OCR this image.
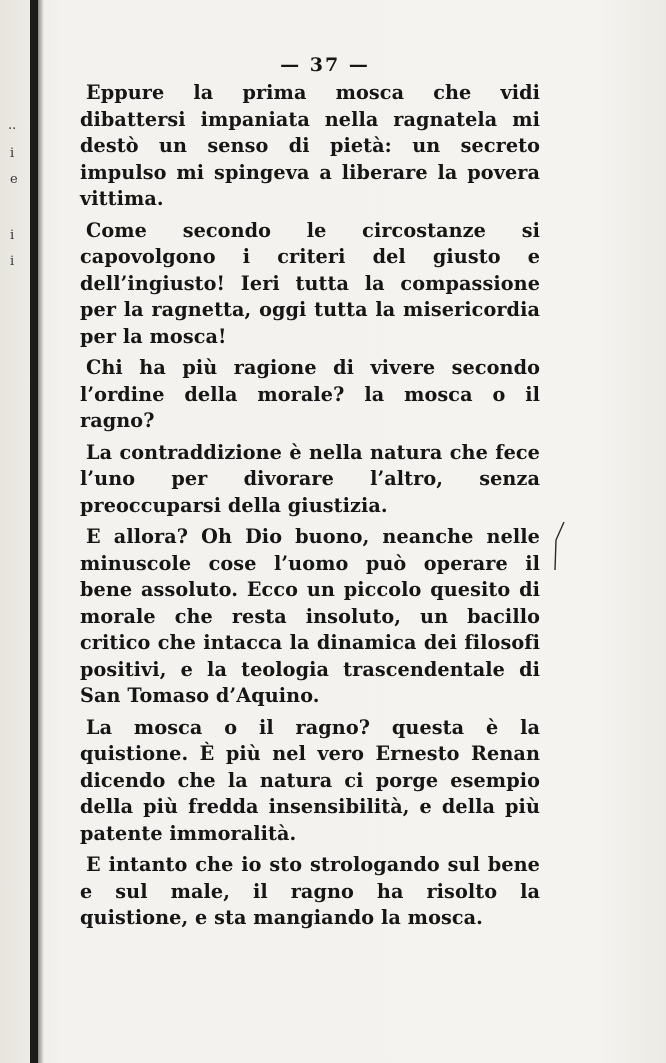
..
i
e
i
i
— 37 —

Eppure la prima mosca che vidi dibattersi impaniata nella ragnatela mi destò un senso di pietà: un secreto impulso mi spingeva a liberare la povera vittima.

Come secondo le circostanze si capovolgono i criteri del giusto e dell’ingiusto! Ieri tutta la compassione per la ragnetta, oggi tutta la misericordia per la mosca!

Chi ha più ragione di vivere secondo l’ordine della morale? la mosca o il ragno?

La contraddizione è nella natura che fece l’uno per divorare l’altro, senza preoccuparsi della giustizia.

E allora? Oh Dio buono, neanche nelle minuscole cose l’uomo può operare il bene assoluto. Ecco un piccolo quesito di morale che resta insoluto, un bacillo critico che intacca la dinamica dei filosofi positivi, e la teologia trascendentale di San Tomaso d’Aquino.

La mosca o il ragno? questa è la quistione. È più nel vero Ernesto Renan dicendo che la natura ci porge esempio della più fredda insensibilità, e della più patente immoralità.

E intanto che io sto strologando sul bene e sul male, il ragno ha risolto la quistione, e sta mangiando la mosca.
